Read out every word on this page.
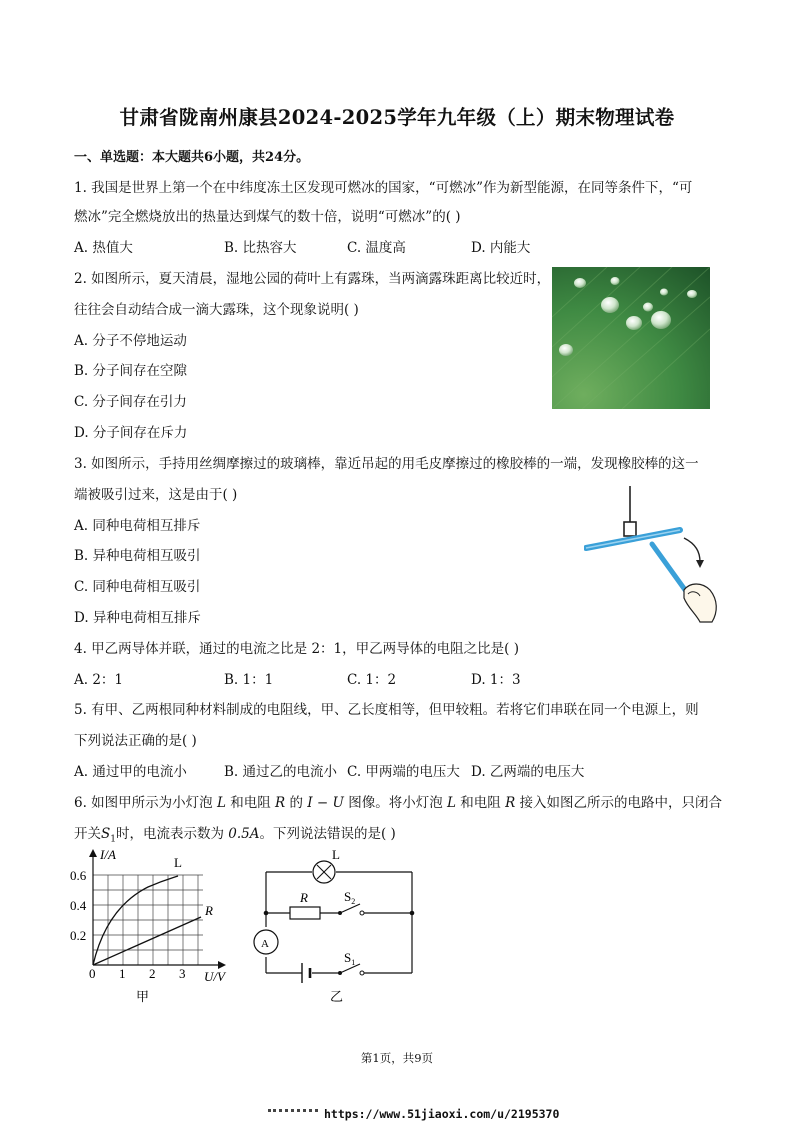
甘肃省陇南州康县2024-2025学年九年级（上）期末物理试卷
一、单选题：本大题共6小题，共24分。
1. 我国是世界上第一个在中纬度冻土区发现可燃冰的国家，“可燃冰”作为新型能源，在同等条件下，“可
燃冰”完全燃烧放出的热量达到煤气的数十倍，说明“可燃冰”的( )
A. 热值大	B. 比热容大	C. 温度高	D. 内能大
2. 如图所示，夏天清晨，湿地公园的荷叶上有露珠，当两滴露珠距离比较近时，
往往会自动结合成一滴大露珠，这个现象说明( )
A. 分子不停地运动
B. 分子间存在空隙
C. 分子间存在引力
D. 分子间存在斥力
3. 如图所示，手持用丝绸摩擦过的玻璃棒，靠近吊起的用毛皮摩擦过的橡胶棒的一端，发现橡胶棒的这一
端被吸引过来，这是由于( )
A. 同种电荷相互排斥
B. 异种电荷相互吸引
C. 同种电荷相互吸引
D. 异种电荷相互排斥
4. 甲乙两导体并联，通过的电流之比是 2：1，甲乙两导体的电阻之比是( )
A. 2：1	B. 1：1	C. 1：2	D. 1：3
5. 有甲、乙两根同种材料制成的电阻线，甲、乙长度相等，但甲较粗。若将它们串联在同一个电源上，则
下列说法正确的是( )
A. 通过甲的电流小	B. 通过乙的电流小 C. 甲两端的电压大 D. 乙两端的电压大
6. 如图甲所示为小灯泡 L 和电阻 R 的 I − U 图像。将小灯泡 L 和电阻 R 接入如图乙所示的电路中，只闭合
开关$S_1$时，电流表示数为 0.5A。下列说法错误的是( )
I/A
U/V
0.6
0.4
0.2
0 1 2 3
L
R
甲
L
R	$S_2$
$S_1$
A
乙
第1页，共9页
https://www.51jiaoxi.com/u/2195370
